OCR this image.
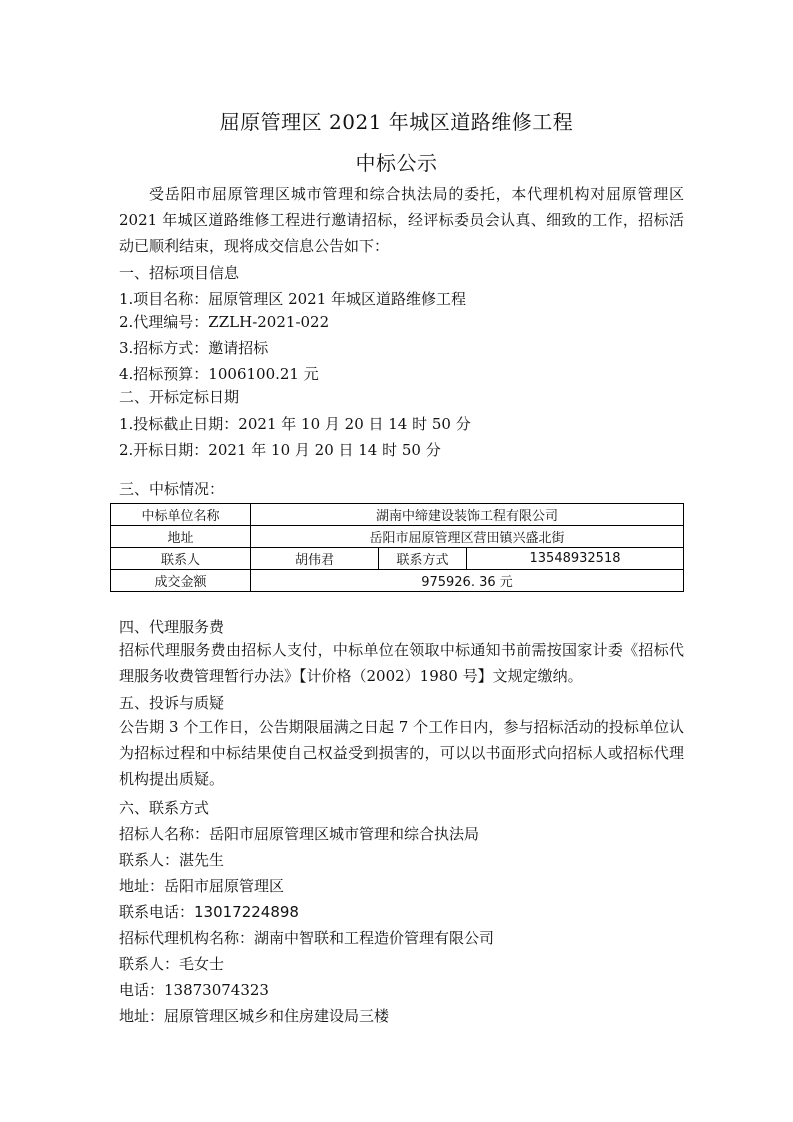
屈原管理区 2021 年城区道路维修工程
中标公示
受岳阳市屈原管理区城市管理和综合执法局的委托，本代理机构对屈原管理区 2021 年城区道路维修工程进行邀请招标，经评标委员会认真、细致的工作，招标活动已顺利结束，现将成交信息公告如下：
一、招标项目信息
1.项目名称：屈原管理区 2021 年城区道路维修工程
2.代理编号：ZZLH-2021-022
3.招标方式：邀请招标
4.招标预算：1006100.21 元
二、开标定标日期
1.投标截止日期：2021 年 10 月 20 日 14 时 50 分
2.开标日期：2021 年 10 月 20 日 14 时 50 分
三、中标情况：
中标单位名称	湖南中缔建设装饰工程有限公司		
地址	岳阳市屈原管理区营田镇兴盛北街		
联系人	胡伟君	联系方式	13548932518
成交金额	975926. 36 元		
四、代理服务费
招标代理服务费由招标人支付，中标单位在领取中标通知书前需按国家计委《招标代理服务收费管理暂行办法》【计价格（2002）1980 号】文规定缴纳。
五、投诉与质疑
公告期 3 个工作日，公告期限届满之日起 7 个工作日内，参与招标活动的投标单位认为招标过程和中标结果使自己权益受到损害的，可以以书面形式向招标人或招标代理机构提出质疑。
六、联系方式
招标人名称：岳阳市屈原管理区城市管理和综合执法局
联系人：湛先生
地址：岳阳市屈原管理区
联系电话：13017224898
招标代理机构名称：湖南中智联和工程造价管理有限公司
联系人：毛女士
电话：13873074323
地址：屈原管理区城乡和住房建设局三楼
